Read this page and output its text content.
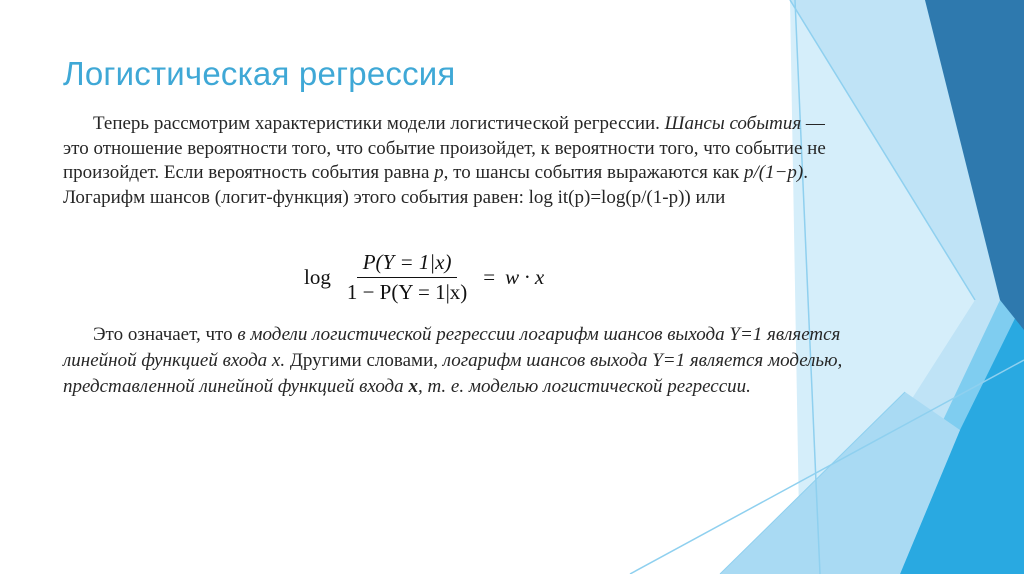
Логистическая регрессия

Теперь рассмотрим характеристики модели логистической регрессии. Шансы события — это отношение вероятности того, что событие произойдет, к вероятности того, что событие не произойдет. Если вероятность события равна p, то шансы события выражаются как p/(1−p). Логарифм шансов (логит-функция) этого события равен: log it(p)=log(p/(1-p)) или

$\log \frac{P(Y = 1|x)}{1 - P(Y = 1|x)} = w \cdot x$

Это означает, что в модели логистической регрессии логарифм шансов выхода Y=1 является линейной функцией входа x. Другими словами, логарифм шансов выхода Y=1 является моделью, представленной линейной функцией входа x, т. е. моделью логистической регрессии.
